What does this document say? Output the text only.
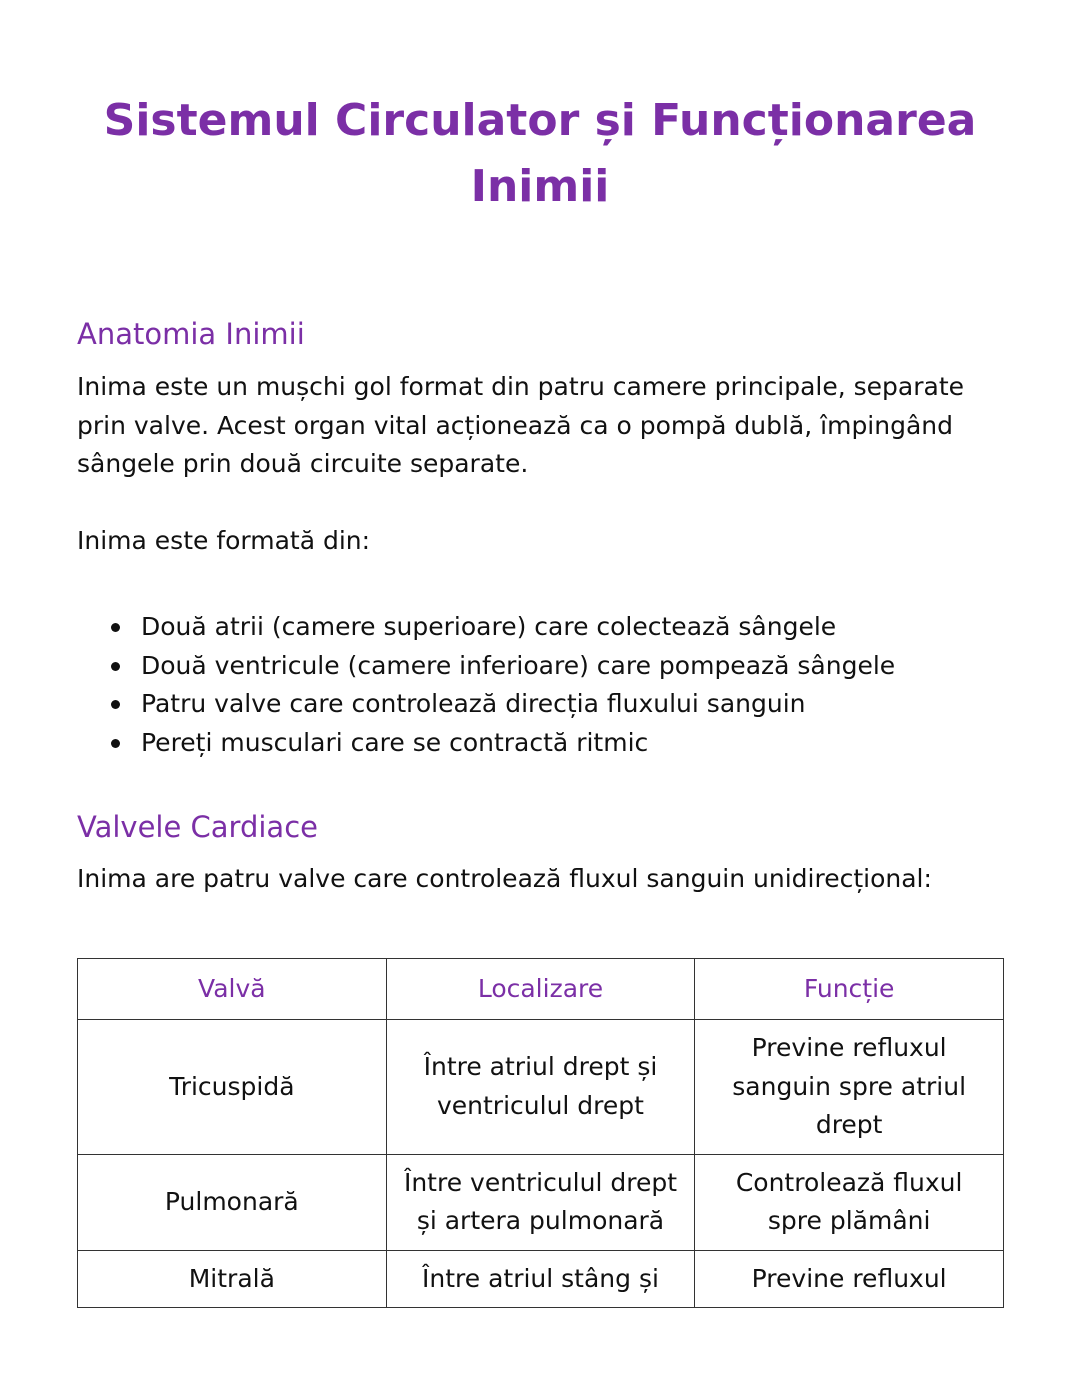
Sistemul Circulator și Funcționarea Inimii
Anatomia Inimii

Inima este un mușchi gol format din patru camere principale, separate prin valve. Acest organ vital acționează ca o pompă dublă, împingând sângele prin două circuite separate.

Inima este formată din:

Două atrii (camere superioare) care colectează sângele
Două ventricule (camere inferioare) care pompează sângele
Patru valve care controlează direcția fluxului sanguin
Pereți musculari care se contractă ritmic
Valvele Cardiace

Inima are patru valve care controlează fluxul sanguin unidirecțional:

Valvă	Localizare	Funcție
Tricuspidă	Între atriul drept și ventriculul drept	Previne refluxul sanguin spre atriul drept
Pulmonară	Între ventriculul drept și artera pulmonară	Controlează fluxul spre plămâni
Mitrală	Între atriul stâng și	Previne refluxul
